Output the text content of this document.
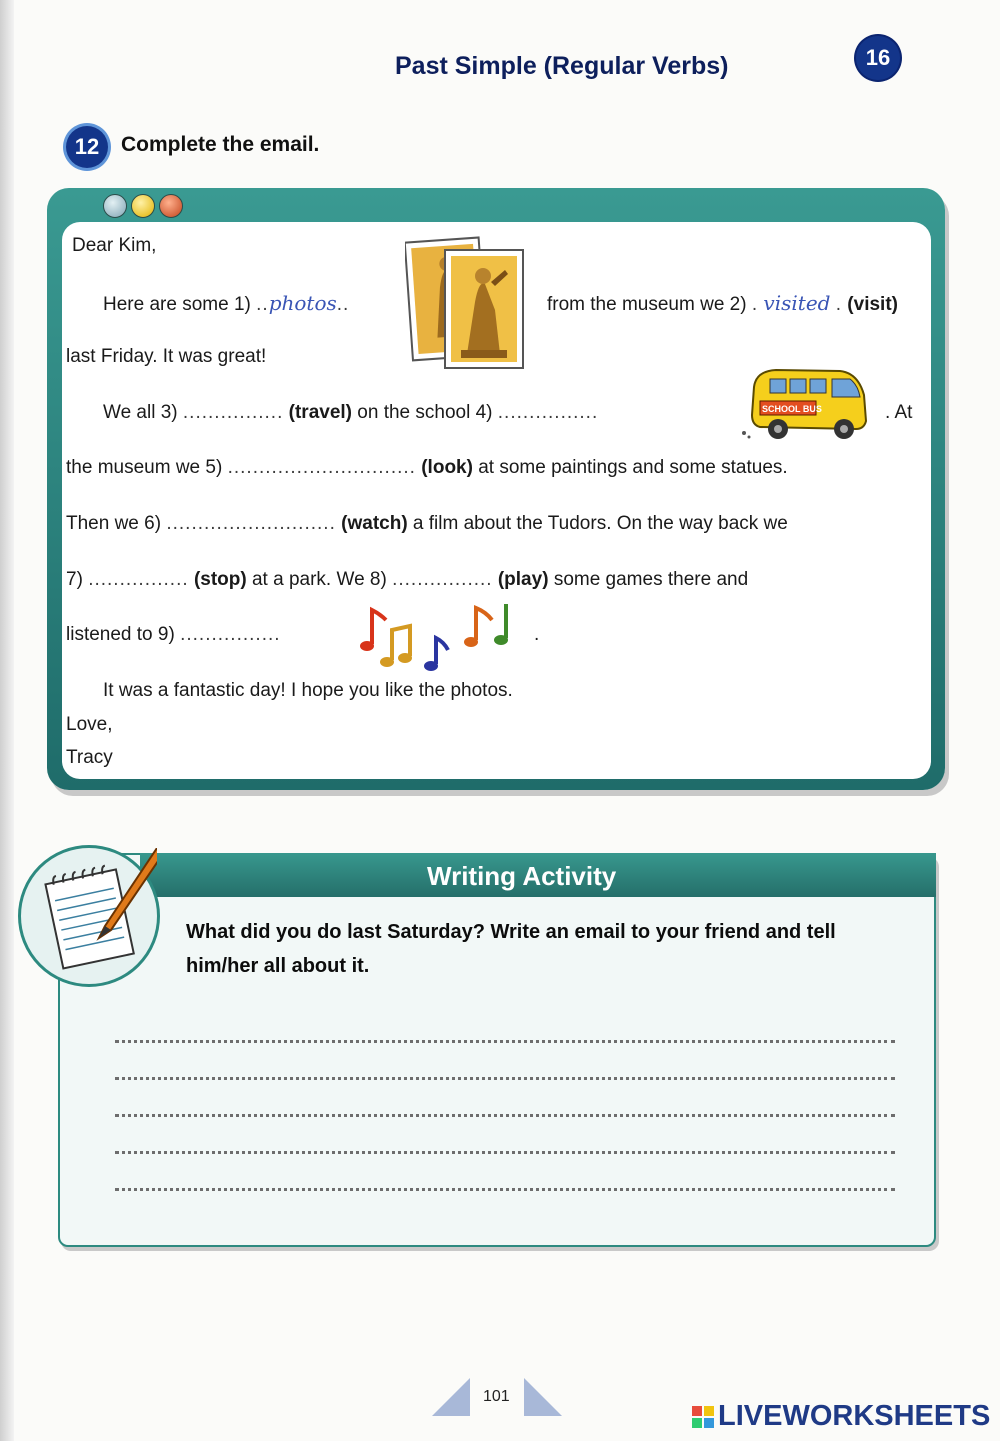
Past Simple (Regular Verbs)	16
12	Complete the email.
Dear Kim,
Here are some 1) ..photos..	from the museum we 2) . visited . (visit)
last Friday. It was great!
We all 3) ................ (travel) on the school 4) ................	SCHOOL BUS	. At
the museum we 5) .............................. (look) at some paintings and some statues.
Then we 6) ........................... (watch) a film about the Tudors. On the way back we
7) ................ (stop) at a park. We 8) ................ (play) some games there and
listened to 9) ................	.
It was a fantastic day! I hope you like the photos.
Love,
Tracy
Writing Activity
What did you do last Saturday? Write an email to your friend and tell him/her all about it.
101
LIVEWORKSHEETS
